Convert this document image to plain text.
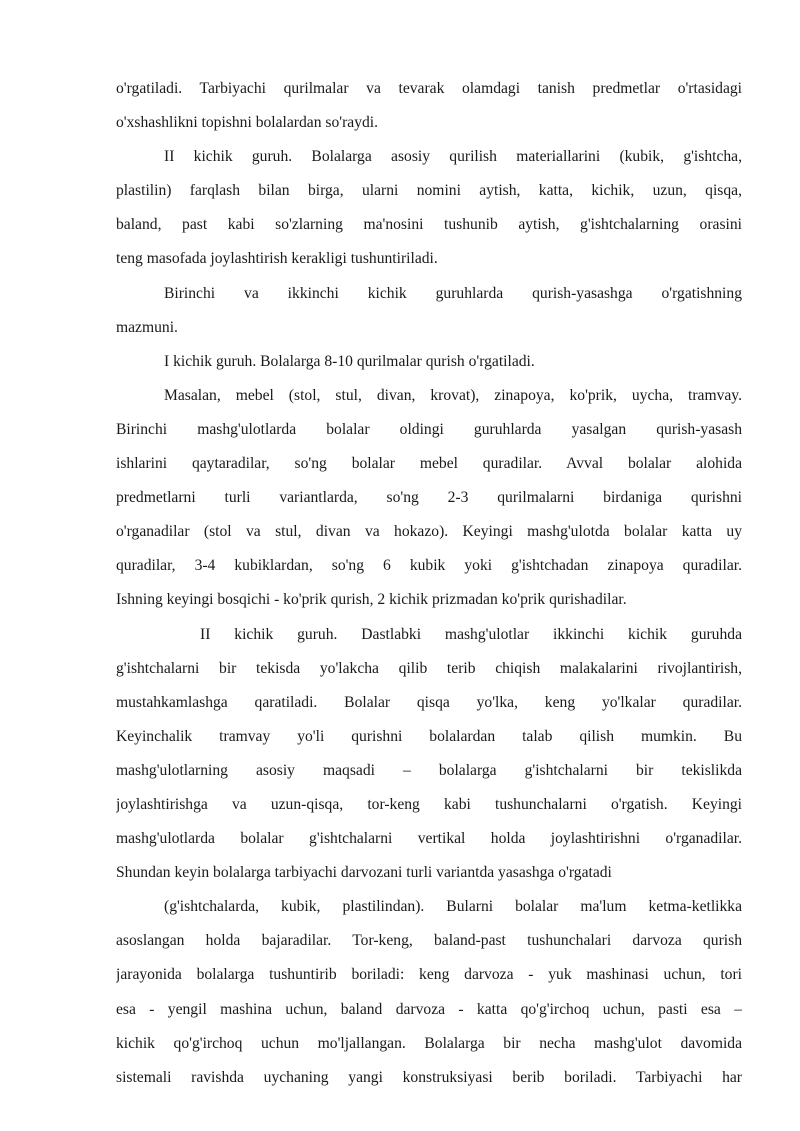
o'rgatiladi. Tarbiyachi qurilmalar va tevarak olamdagi tanish predmetlar o'rtasidagi
o'xshashlikni topishni bolalardan so'raydi.
II kichik guruh. Bolalarga asosiy qurilish materiallarini (kubik, g'ishtcha,
plastilin) farqlash bilan birga, ularni nomini aytish, katta, kichik, uzun, qisqa,
baland, past kabi so'zlarning ma'nosini tushunib aytish, g'ishtchalarning orasini
teng masofada joylashtirish kerakligi tushuntiriladi.
Birinchi va ikkinchi kichik guruhlarda qurish-yasashga o'rgatishning
mazmuni.
I kichik guruh. Bolalarga 8-10 qurilmalar qurish o'rgatiladi.
Masalan, mebel (stol, stul, divan, krovat), zinapoya, ko'prik, uycha, tramvay.
Birinchi mashg'ulotlarda bolalar oldingi guruhlarda yasalgan qurish-yasash
ishlarini qaytaradilar, so'ng bolalar mebel quradilar. Avval bolalar alohida
predmetlarni turli variantlarda, so'ng 2-3 qurilmalarni birdaniga qurishni
o'rganadilar (stol va stul, divan va hokazo). Keyingi mashg'ulotda bolalar katta uy
quradilar, 3-4 kubiklardan, so'ng 6 kubik yoki g'ishtchadan zinapoya quradilar.
Ishning keyingi bosqichi - ko'prik qurish, 2 kichik prizmadan ko'prik qurishadilar.
II kichik guruh. Dastlabki mashg'ulotlar ikkinchi kichik guruhda
g'ishtchalarni bir tekisda yo'lakcha qilib terib chiqish malakalarini rivojlantirish,
mustahkamlashga qaratiladi. Bolalar qisqa yo'lka, keng yo'lkalar quradilar.
Keyinchalik tramvay yo'li qurishni bolalardan talab qilish mumkin. Bu
mashg'ulotlarning asosiy maqsadi – bolalarga g'ishtchalarni bir tekislikda
joylashtirishga va uzun-qisqa, tor-keng kabi tushunchalarni o'rgatish. Keyingi
mashg'ulotlarda bolalar g'ishtchalarni vertikal holda joylashtirishni o'rganadilar.
Shundan keyin bolalarga tarbiyachi darvozani turli variantda yasashga o'rgatadi
(g'ishtchalarda, kubik, plastilindan). Bularni bolalar ma'lum ketma-ketlikka
asoslangan holda bajaradilar. Tor-keng, baland-past tushunchalari darvoza qurish
jarayonida bolalarga tushuntirib boriladi: keng darvoza - yuk mashinasi uchun, tori
esa - yengil mashina uchun, baland darvoza - katta qo'g'irchoq uchun, pasti esa –
kichik qo'g'irchoq uchun mo'ljallangan. Bolalarga bir necha mashg'ulot davomida
sistemali ravishda uychaning yangi konstruksiyasi berib boriladi. Tarbiyachi har
